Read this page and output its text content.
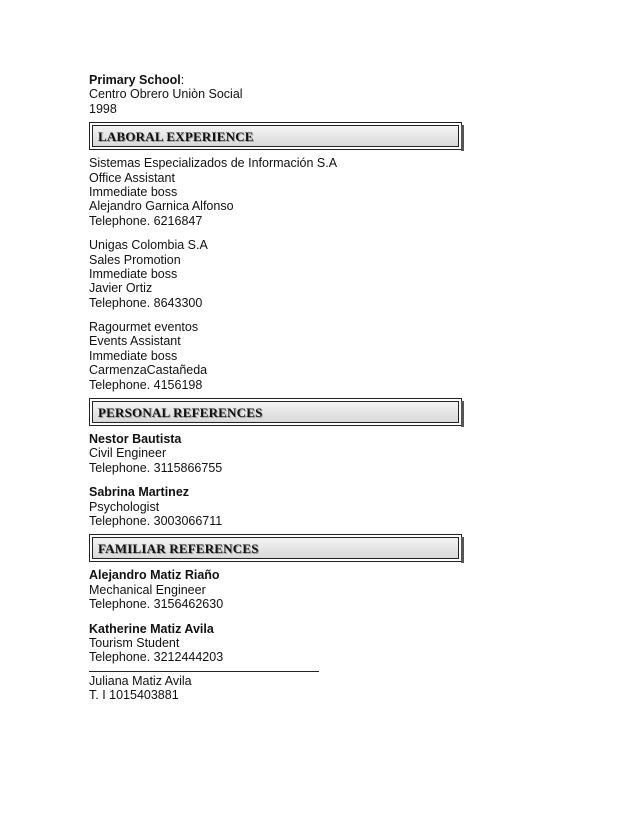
Primary School:
Centro Obrero Uniòn Social
1998
LABORAL EXPERIENCE
Sistemas Especializados de Información S.A
Office Assistant
Immediate boss
Alejandro Garnica Alfonso
Telephone. 6216847
Unigas Colombia S.A
Sales Promotion
Immediate boss
Javier Ortiz
Telephone. 8643300
Ragourmet eventos
Events Assistant
Immediate boss
CarmenzaCastañeda
Telephone. 4156198
PERSONAL REFERENCES
Nestor Bautista
Civil Engineer
Telephone. 3115866755
Sabrina Martinez
Psychologist
Telephone. 3003066711
FAMILIAR REFERENCES
Alejandro Matiz Riaño
Mechanical Engineer
Telephone. 3156462630
Katherine Matiz Avila
Tourism Student
Telephone. 3212444203
Juliana Matiz Avila
T. I 1015403881
